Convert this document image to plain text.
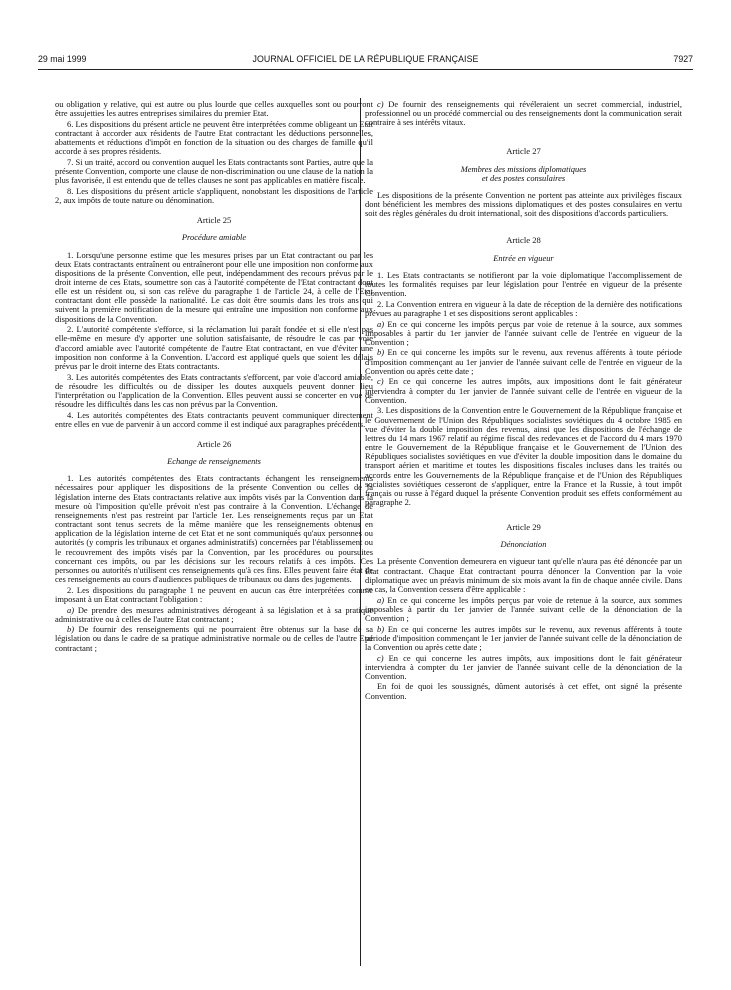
29 mai 1999	JOURNAL OFFICIEL DE LA RÉPUBLIQUE FRANÇAISE	7927

ou obligation y relative, qui est autre ou plus lourde que celles auxquelles sont ou pourront être assujetties les autres entreprises similaires du premier Etat.

6. Les dispositions du présent article ne peuvent être interprétées comme obligeant un Etat contractant à accorder aux résidents de l'autre Etat contractant les déductions personnelles, abattements et réductions d'impôt en fonction de la situation ou des charges de famille qu'il accorde à ses propres résidents.

7. Si un traité, accord ou convention auquel les Etats contractants sont Parties, autre que la présente Convention, comporte une clause de non-discrimination ou une clause de la nation la plus favorisée, il est entendu que de telles clauses ne sont pas applicables en matière fiscale.

8. Les dispositions du présent article s'appliquent, nonobstant les dispositions de l'article 2, aux impôts de toute nature ou dénomination.

Article 25
Procédure amiable

1. Lorsqu'une personne estime que les mesures prises par un Etat contractant ou par les deux Etats contractants entraînent ou entraîneront pour elle une imposition non conforme aux dispositions de la présente Convention, elle peut, indépendamment des recours prévus par le droit interne de ces Etats, soumettre son cas à l'autorité compétente de l'Etat contractant dont elle est un résident ou, si son cas relève du paragraphe 1 de l'article 24, à celle de l'Etat contractant dont elle possède la nationalité. Le cas doit être soumis dans les trois ans qui suivent la première notification de la mesure qui entraîne une imposition non conforme aux dispositions de la Convention.

2. L'autorité compétente s'efforce, si la réclamation lui paraît fondée et si elle n'est pas elle-même en mesure d'y apporter une solution satisfaisante, de résoudre le cas par voie d'accord amiable avec l'autorité compétente de l'autre Etat contractant, en vue d'éviter une imposition non conforme à la Convention. L'accord est appliqué quels que soient les délais prévus par le droit interne des Etats contractants.

3. Les autorités compétentes des Etats contractants s'efforcent, par voie d'accord amiable, de résoudre les difficultés ou de dissiper les doutes auxquels peuvent donner lieu l'interprétation ou l'application de la Convention. Elles peuvent aussi se concerter en vue de résoudre les difficultés dans les cas non prévus par la Convention.

4. Les autorités compétentes des Etats contractants peuvent communiquer directement entre elles en vue de parvenir à un accord comme il est indiqué aux paragraphes précédents.

Article 26
Echange de renseignements

1. Les autorités compétentes des Etats contractants échangent les renseignements nécessaires pour appliquer les dispositions de la présente Convention ou celles de la législation interne des Etats contractants relative aux impôts visés par la Convention dans la mesure où l'imposition qu'elle prévoit n'est pas contraire à la Convention. L'échange de renseignements n'est pas restreint par l'article 1er. Les renseignements reçus par un Etat contractant sont tenus secrets de la même manière que les renseignements obtenus en application de la législation interne de cet Etat et ne sont communiqués qu'aux personnes ou autorités (y compris les tribunaux et organes administratifs) concernées par l'établissement ou le recouvrement des impôts visés par la Convention, par les procédures ou poursuites concernant ces impôts, ou par les décisions sur les recours relatifs à ces impôts. Ces personnes ou autorités n'utilisent ces renseignements qu'à ces fins. Elles peuvent faire état de ces renseignements au cours d'audiences publiques de tribunaux ou dans des jugements.

2. Les dispositions du paragraphe 1 ne peuvent en aucun cas être interprétées comme imposant à un Etat contractant l'obligation :

a) De prendre des mesures administratives dérogeant à sa législation et à sa pratique administrative ou à celles de l'autre Etat contractant ;

b) De fournir des renseignements qui ne pourraient être obtenus sur la base de sa législation ou dans le cadre de sa pratique administrative normale ou de celles de l'autre Etat contractant ;

c) De fournir des renseignements qui révéleraient un secret commercial, industriel, professionnel ou un procédé commercial ou des renseignements dont la communication serait contraire à ses intérêts vitaux.

Article 27
Membres des missions diplomatiques
et des postes consulaires

Les dispositions de la présente Convention ne portent pas atteinte aux privilèges fiscaux dont bénéficient les membres des missions diplomatiques et des postes consulaires en vertu soit des règles générales du droit international, soit des dispositions d'accords particuliers.

Article 28
Entrée en vigueur

1. Les Etats contractants se notifieront par la voie diplomatique l'accomplissement de toutes les formalités requises par leur législation pour l'entrée en vigueur de la présente Convention.

2. La Convention entrera en vigueur à la date de réception de la dernière des notifications prévues au paragraphe 1 et ses dispositions seront applicables :

a) En ce qui concerne les impôts perçus par voie de retenue à la source, aux sommes imposables à partir du 1er janvier de l'année suivant celle de l'entrée en vigueur de la Convention ;

b) En ce qui concerne les impôts sur le revenu, aux revenus afférents à toute période d'imposition commençant au 1er janvier de l'année suivant celle de l'entrée en vigueur de la Convention ou après cette date ;

c) En ce qui concerne les autres impôts, aux impositions dont le fait générateur interviendra à compter du 1er janvier de l'année suivant celle de l'entrée en vigueur de la Convention.

3. Les dispositions de la Convention entre le Gouvernement de la République française et le Gouvernement de l'Union des Républiques socialistes soviétiques du 4 octobre 1985 en vue d'éviter la double imposition des revenus, ainsi que les dispositions de l'échange de lettres du 14 mars 1967 relatif au régime fiscal des redevances et de l'accord du 4 mars 1970 entre le Gouvernement de la République française et le Gouvernement de l'Union des Républiques socialistes soviétiques en vue d'éviter la double imposition dans le domaine du transport aérien et maritime et toutes les dispositions fiscales incluses dans les traités ou accords entre les Gouvernements de la République française et de l'Union des Républiques socialistes soviétiques cesseront de s'appliquer, entre la France et la Russie, à tout impôt français ou russe à l'égard duquel la présente Convention produit ses effets conformément au paragraphe 2.

Article 29
Dénonciation

La présente Convention demeurera en vigueur tant qu'elle n'aura pas été dénoncée par un Etat contractant. Chaque Etat contractant pourra dénoncer la Convention par la voie diplomatique avec un préavis minimum de six mois avant la fin de chaque année civile. Dans ce cas, la Convention cessera d'être applicable :

a) En ce qui concerne les impôts perçus par voie de retenue à la source, aux sommes imposables à partir du 1er janvier de l'année suivant celle de la dénonciation de la Convention ;

b) En ce qui concerne les autres impôts sur le revenu, aux revenus afférents à toute période d'imposition commençant le 1er janvier de l'année suivant celle de la dénonciation de la Convention ou après cette date ;

c) En ce qui concerne les autres impôts, aux impositions dont le fait générateur interviendra à compter du 1er janvier de l'année suivant celle de la dénonciation de la Convention.

En foi de quoi les soussignés, dûment autorisés à cet effet, ont signé la présente Convention.
